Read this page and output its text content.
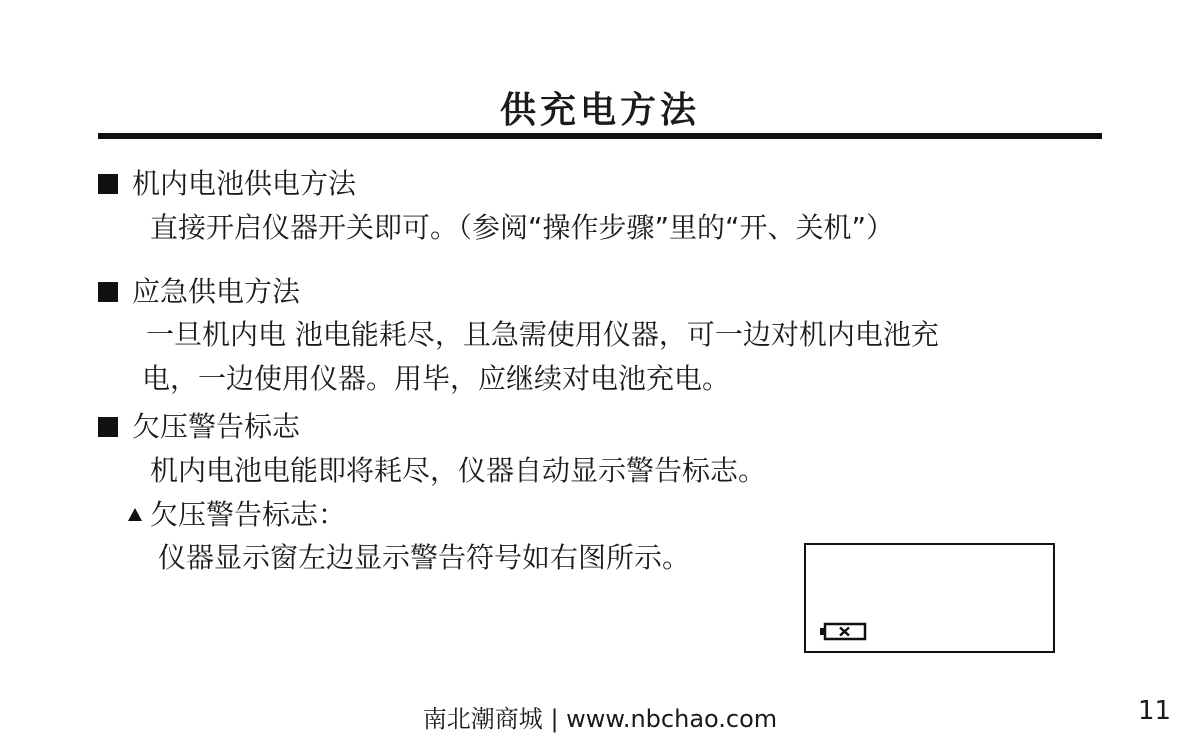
供充电方法
机内电池供电方法
直接开启仪器开关即可。（参阅“操作步骤”里的“开、关机”）
应急供电方法
一旦机内电 池电能耗尽，且急需使用仪器，可一边对机内电池充
电，一边使用仪器。用毕，应继续对电池充电。
欠压警告标志
机内电池电能即将耗尽，仪器自动显示警告标志。
欠压警告标志：
仪器显示窗左边显示警告符号如右图所示。
南北潮商城 | www.nbchao.com	11
